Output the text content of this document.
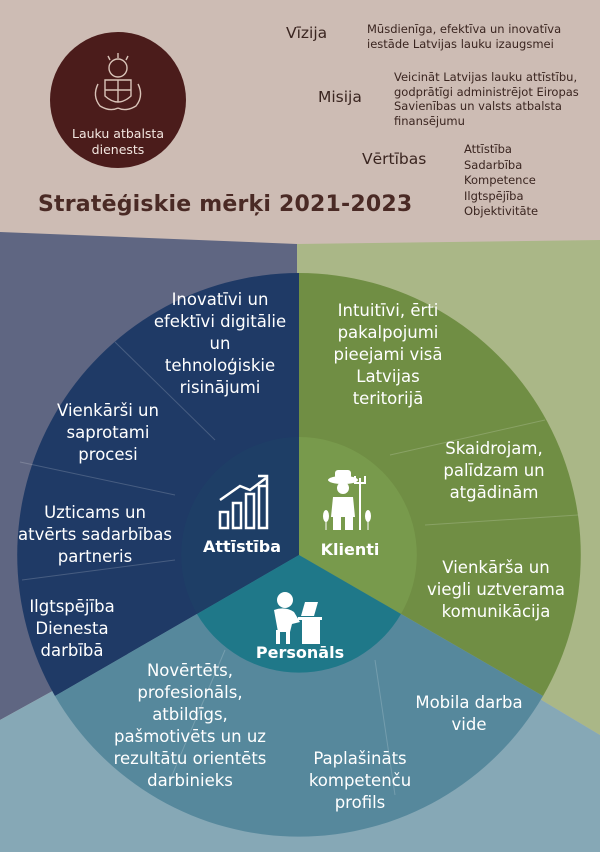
Lauku atbalsta
dienests
Vīzija	Mūsdienīga, efektīva un inovatīva
iestāde Latvijas lauku izaugsmei
Misija
Veicināt Latvijas lauku attīstību,
godprātīgi administrējot Eiropas
Savienības un valsts atbalsta
finansējumu
Vērtības
Attīstība
Sadarbība
Kompetence
Ilgtspējība
Objektivitāte
Stratēģiskie mērķi 2021-2023
Inovatīvi un
efektīvi digitālie
un
tehnoloģiskie
risinājumi
Vienkārši un
saprotami
procesi
Uzticams un
atvērts sadarbības
partneris
Ilgtspējība
Dienesta
darbībā
Intuitīvi, ērti
pakalpojumi
pieejami visā
Latvijas
teritorijā
Skaidrojam,
palīdzam un
atgādinām
Vienkārša un
viegli uztverama
komunikācija
Novērtēts,
profesionāls,
atbildīgs,
pašmotivēts un uz
rezultātu orientēts
darbinieks
Paplašināts
kompetenču
profils
Mobila darba
vide
Attīstība	Klienti
Personāls
